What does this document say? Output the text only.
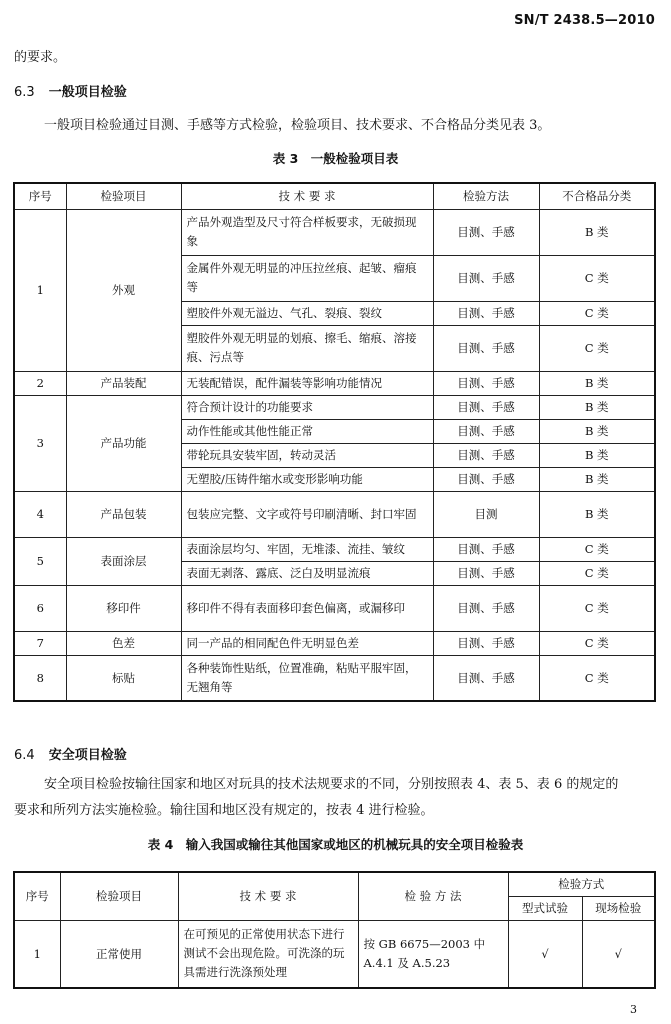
SN/T 2438.5—2010
的要求。
6.3 一般项目检验
一般项目检验通过目测、手感等方式检验，检验项目、技术要求、不合格品分类见表 3。
表 3　一般检验项目表
序号	检验项目	技 术 要 求	检验方法	不合格品分类
1	外观	产品外观造型及尺寸符合样板要求，无破损现象	目测、手感	B 类
		金属件外观无明显的冲压拉丝痕、起皱、瘤痕等	目测、手感	C 类
		塑胶件外观无溢边、气孔、裂痕、裂纹	目测、手感	C 类
		塑胶件外观无明显的划痕、擦毛、缩痕、溶接痕、污点等	目测、手感	C 类
2	产品装配	无装配错误，配件漏装等影响功能情况	目测、手感	B 类
3	产品功能	符合预计设计的功能要求	目测、手感	B 类
		动作性能或其他性能正常	目测、手感	B 类
		带轮玩具安装牢固，转动灵活	目测、手感	B 类
		无塑胶/压铸件缩水或变形影响功能	目测、手感	B 类
4	产品包装	包装应完整、文字或符号印刷清晰、封口牢固	目测	B 类
5	表面涂层	表面涂层均匀、牢固，无堆漆、流挂、皱纹	目测、手感	C 类
		表面无剥落、露底、泛白及明显流痕	目测、手感	C 类
6	移印件	移印件不得有表面移印套色偏离，或漏移印	目测、手感	C 类
7	色差	同一产品的相同配色件无明显色差	目测、手感	C 类
8	标贴	各种装饰性贴纸，位置准确，粘贴平服牢固，无翘角等	目测、手感	C 类
6.4 安全项目检验
安全项目检验按输往国家和地区对玩具的技术法规要求的不同，分别按照表 4、表 5、表 6 的规定的
要求和所列方法实施检验。输往国和地区没有规定的，按表 4 进行检验。
表 4　输入我国或输往其他国家或地区的机械玩具的安全项目检验表
序号	检验项目	技 术 要 求	检 验 方 法	检验方式	
				型式试验	现场检验
1	正常使用	在可预见的正常使用状态下进行测试不会出现危险。可洗涤的玩具需进行洗涤预处理	按 GB 6675—2003 中 A.4.1 及 A.5.23	√	√
3
